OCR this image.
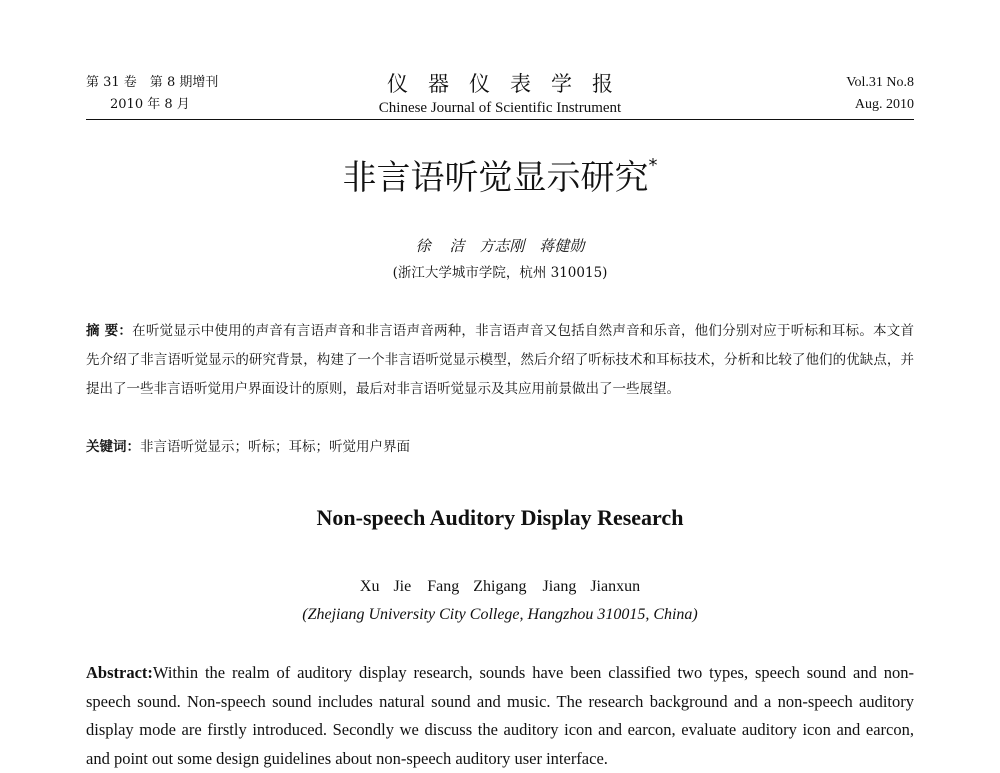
第 31 卷　第 8 期增刊
2010 年 8 月
仪器仪表学报
Chinese Journal of Scientific Instrument
Vol.31 No.8
Aug. 2010
非言语听觉显示研究*
徐 洁　方志刚　蒋健勋
(浙江大学城市学院，杭州 310015)
摘 要：在听觉显示中使用的声音有言语声音和非言语声音两种，非言语声音又包括自然声音和乐音，他们分别对应于听标和耳标。本文首先介绍了非言语听觉显示的研究背景，构建了一个非言语听觉显示模型，然后介绍了听标技术和耳标技术，分析和比较了他们的优缺点，并提出了一些非言语听觉用户界面设计的原则，最后对非言语听觉显示及其应用前景做出了一些展望。
关键词：非言语听觉显示；听标；耳标；听觉用户界面
Non-speech Auditory Display Research
Xu Jie　Fang Zhigang　Jiang Jianxun
(Zhejiang University City College, Hangzhou 310015, China)
Abstract:Within the realm of auditory display research, sounds have been classified two types, speech sound and non-speech sound. Non-speech sound includes natural sound and music. The research background and a non-speech auditory display mode are firstly introduced. Secondly we discuss the auditory icon and earcon, evaluate auditory icon and earcon, and point out some design guidelines about non-speech auditory user interface.
